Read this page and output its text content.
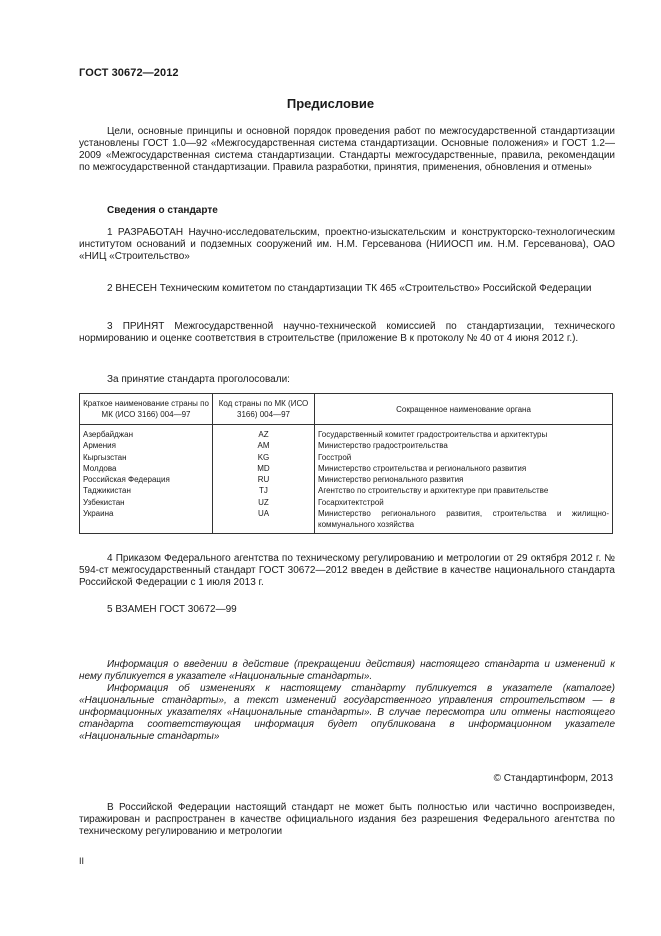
ГОСТ 30672—2012
Предисловие
Цели, основные принципы и основной порядок проведения работ по межгосударственной стандартизации установлены ГОСТ 1.0—92 «Межгосударственная система стандартизации. Основные положения» и ГОСТ 1.2—2009 «Межгосударственная система стандартизации. Стандарты межгосударственные, правила, рекомендации по межгосударственной стандартизации. Правила разработки, принятия, применения, обновления и отмены»
Сведения о стандарте
1 РАЗРАБОТАН Научно-исследовательским, проектно-изыскательским и конструкторско-технологическим институтом оснований и подземных сооружений им. Н.М. Герсеванова (НИИОСП им. Н.М. Герсеванова), ОАО «НИЦ «Строительство»
2 ВНЕСЕН Техническим комитетом по стандартизации ТК 465 «Строительство» Российской Федерации
3 ПРИНЯТ Межгосударственной научно-технической комиссией по стандартизации, технического нормированию и оценке соответствия в строительстве (приложение В к протоколу № 40 от 4 июня 2012 г.).
За принятие стандарта проголосовали:
Краткое наименование страны по МК (ИСО 3166) 004—97	Код страны по МК (ИСО 3166) 004—97	Сокращенное наименование органа
Азербайджан	AZ	Государственный комитет градостроительства и архитектуры
Армения	AM	Министерство градостроительства
Кыргызстан	KG	Госстрой
Молдова	MD	Министерство строительства и регионального развития
Российская Федерация	RU	Министерство регионального развития
Таджикистан	TJ	Агентство по строительству и архитектуре при правительстве
Узбекистан	UZ	Госархитектстрой
Украина	UA	Министерство регионального развития, строительства и жилищно-коммунального хозяйства
4 Приказом Федерального агентства по техническому регулированию и метрологии от 29 октября 2012 г. № 594-ст межгосударственный стандарт ГОСТ 30672—2012 введен в действие в качестве национального стандарта Российской Федерации с 1 июля 2013 г.
5 ВЗАМЕН ГОСТ 30672—99
Информация о введении в действие (прекращении действия) настоящего стандарта и изменений к нему публикуется в указателе «Национальные стандарты».
Информация об изменениях к настоящему стандарту публикуется в указателе (каталоге) «Национальные стандарты», а текст изменений государственного управления строительством — в информационных указателях «Национальные стандарты». В случае пересмотра или отмены настоящего стандарта соответствующая информация будет опубликована в информационном указателе «Национальные стандарты»
© Стандартинформ, 2013
В Российской Федерации настоящий стандарт не может быть полностью или частично воспроизведен, тиражирован и распространен в качестве официального издания без разрешения Федерального агентства по техническому регулированию и метрологии
II
